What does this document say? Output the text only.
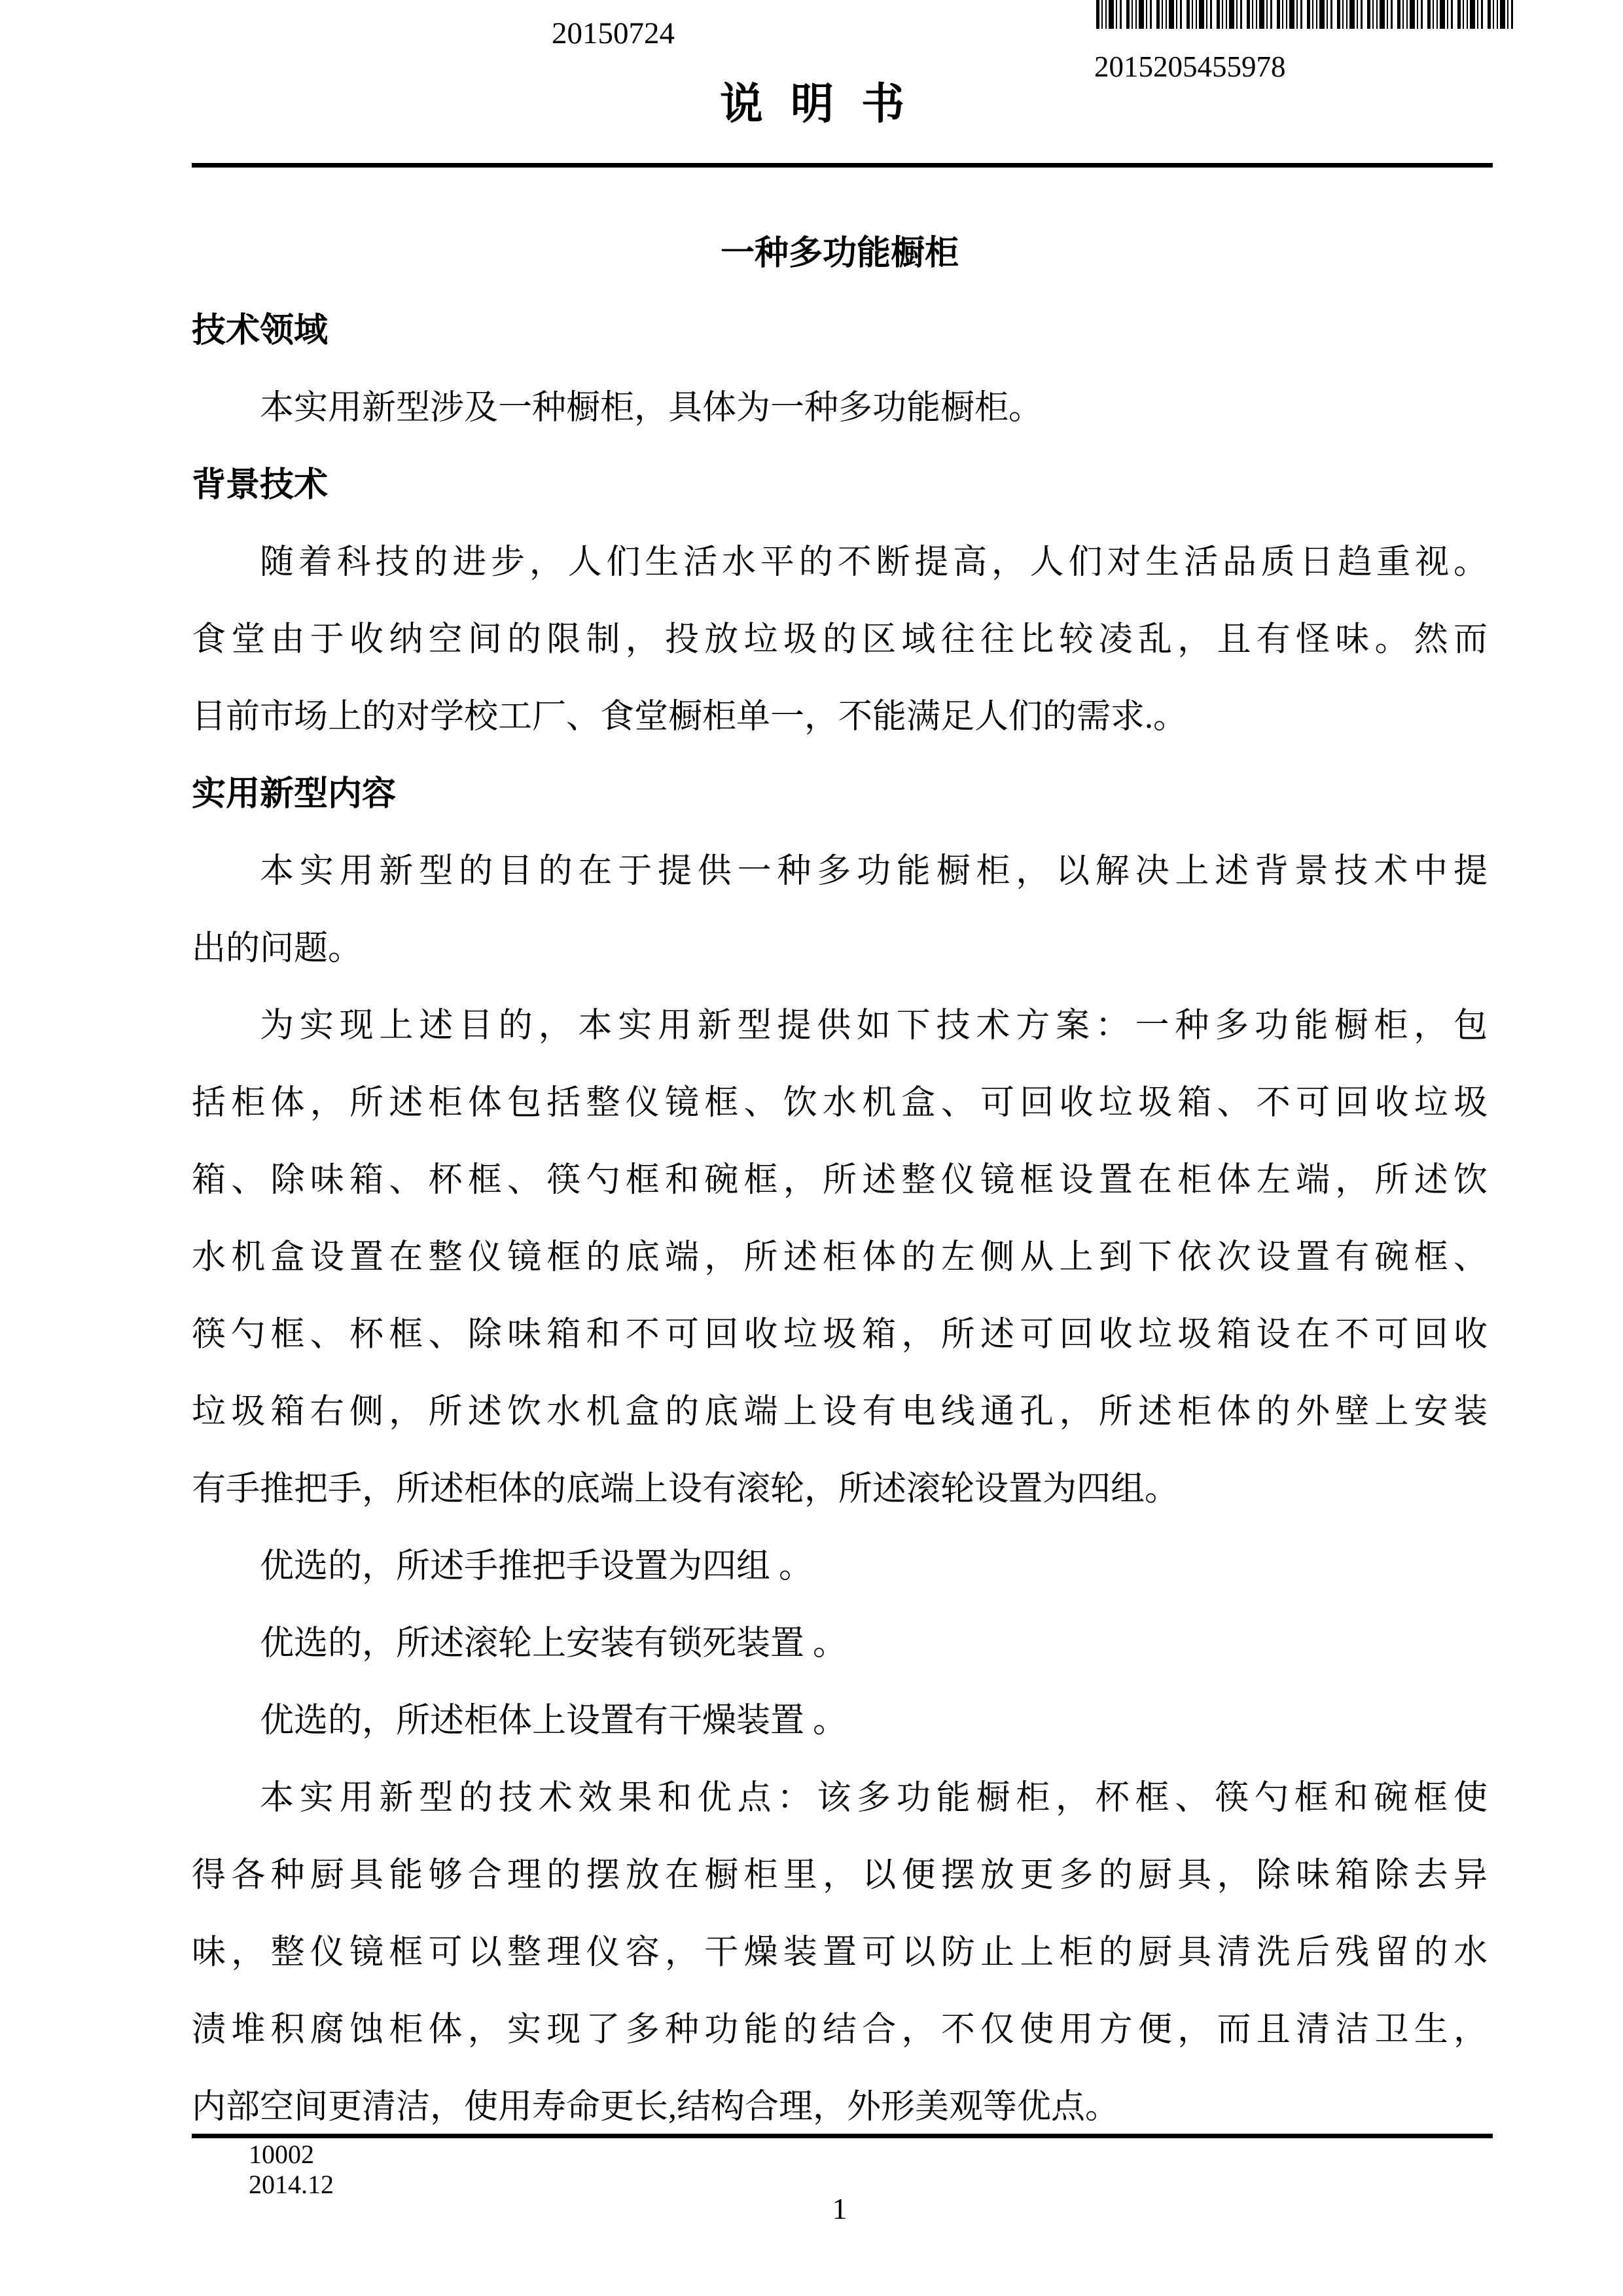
20150724
2015205455978
说明书
一种多功能橱柜
技术领域
本实用新型涉及一种橱柜，具体为一种多功能橱柜。
背景技术
随着科技的进步，人们生活水平的不断提高，人们对生活品质日趋重视。
食堂由于收纳空间的限制，投放垃圾的区域往往比较凌乱，且有怪味。然而
目前市场上的对学校工厂、食堂橱柜单一，不能满足人们的需求.。
实用新型内容
本实用新型的目的在于提供一种多功能橱柜，以解决上述背景技术中提
出的问题。
为实现上述目的，本实用新型提供如下技术方案：一种多功能橱柜，包
括柜体，所述柜体包括整仪镜框、饮水机盒、可回收垃圾箱、不可回收垃圾
箱、除味箱、杯框、筷勺框和碗框，所述整仪镜框设置在柜体左端，所述饮
水机盒设置在整仪镜框的底端，所述柜体的左侧从上到下依次设置有碗框、
筷勺框、杯框、除味箱和不可回收垃圾箱，所述可回收垃圾箱设在不可回收
垃圾箱右侧，所述饮水机盒的底端上设有电线通孔，所述柜体的外壁上安装
有手推把手，所述柜体的底端上设有滚轮，所述滚轮设置为四组。
优选的，所述手推把手设置为四组 。
优选的，所述滚轮上安装有锁死装置 。
优选的，所述柜体上设置有干燥装置 。
本实用新型的技术效果和优点：该多功能橱柜，杯框、筷勺框和碗框使
得各种厨具能够合理的摆放在橱柜里，以便摆放更多的厨具，除味箱除去异
味，整仪镜框可以整理仪容，干燥装置可以防止上柜的厨具清洗后残留的水
渍堆积腐蚀柜体，实现了多种功能的结合，不仅使用方便，而且清洁卫生，
内部空间更清洁，使用寿命更长,结构合理，外形美观等优点。
10002
2014.12
1
